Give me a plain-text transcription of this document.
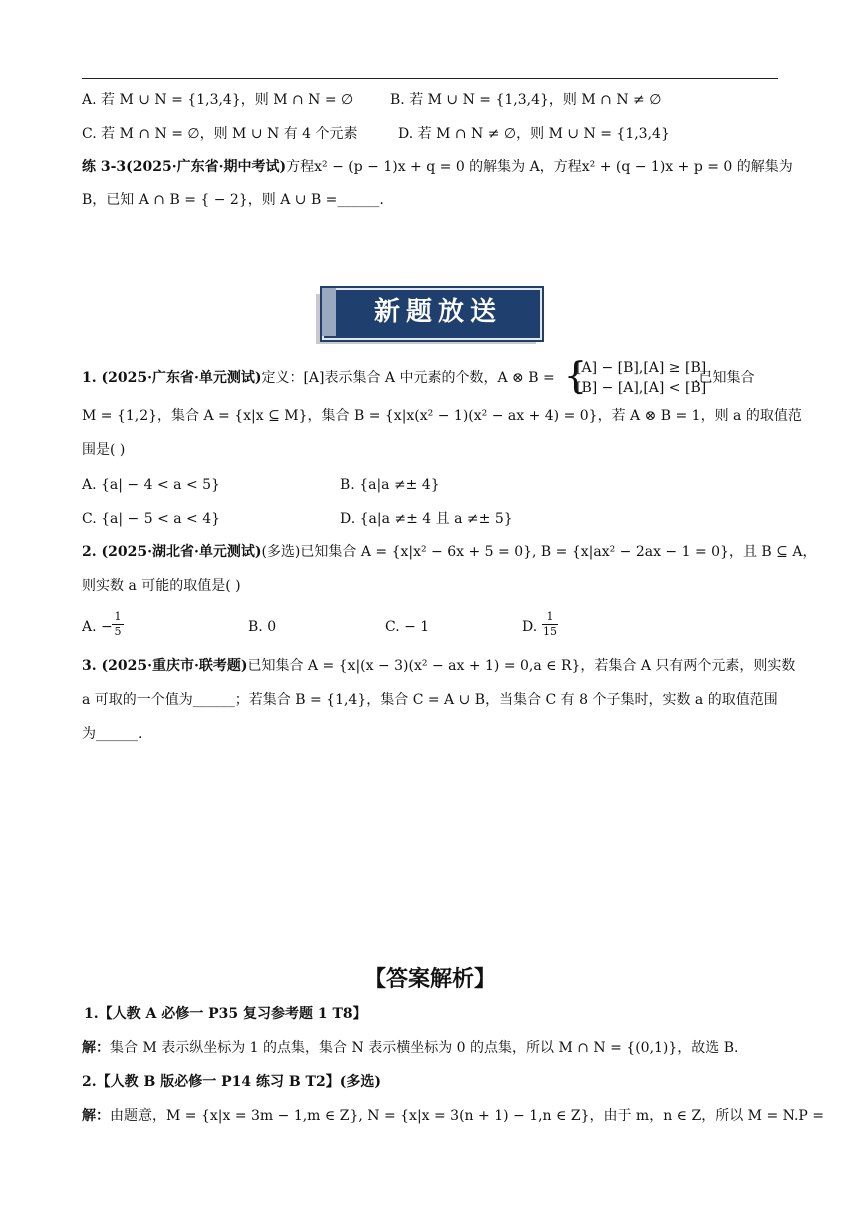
A. 若 M ∪ N = {1,3,4}，则 M ∩ N = ∅	B. 若 M ∪ N = {1,3,4}，则 M ∩ N ≠ ∅
C. 若 M ∩ N = ∅，则 M ∪ N 有 4 个元素	D. 若 M ∩ N ≠ ∅，则 M ∪ N = {1,3,4}
练 3-3(2025·广东省·期中考试)方程x² − (p − 1)x + q = 0 的解集为 A，方程x² + (q − 1)x + p = 0 的解集为
B，已知 A ∩ B = { − 2}，则 A ∪ B =______.
新题放送
1. (2025·广东省·单元测试)定义：[A]表示集合 A 中元素的个数，A ⊗ B = {
[A] − [B],[A] ≥ [B]
[B] − [A],[A] < [B]
.已知集合
M = {1,2}，集合 A = {x|x ⊆ M}，集合 B = {x|x(x² − 1)(x² − ax + 4) = 0}，若 A ⊗ B = 1，则 a 的取值范
围是( )
A. {a| − 4 < a < 5}	B. {a|a ≠± 4}
C. {a| − 5 < a < 4}	D. {a|a ≠± 4 且 a ≠± 5}
2. (2025·湖北省·单元测试)(多选)已知集合 A = {x|x² − 6x + 5 = 0}, B = {x|ax² − 2ax − 1 = 0}，且 B ⊆ A，
则实数 a 可能的取值是( )
A. −
1
5	B. 0	C. − 1	D.
1
15
3. (2025·重庆市·联考题)已知集合 A = {x|(x − 3)(x² − ax + 1) = 0,a ∈ R}，若集合 A 只有两个元素，则实数
a 可取的一个值为______；若集合 B = {1,4}，集合 C = A ∪ B，当集合 C 有 8 个子集时，实数 a 的取值范围
为______.
【答案解析】
1.【人教 A 必修一 P35 复习参考题 1 T8】
解：集合 M 表示纵坐标为 1 的点集，集合 N 表示横坐标为 0 的点集，所以 M ∩ N = {(0,1)}，故选 B.
2.【人教 B 版必修一 P14 练习 B T2】(多选)
解：由题意，M = {x|x = 3m − 1,m ∈ Z}, N = {x|x = 3(n + 1) − 1,n ∈ Z}，由于 m，n ∈ Z，所以 M = N.P =
